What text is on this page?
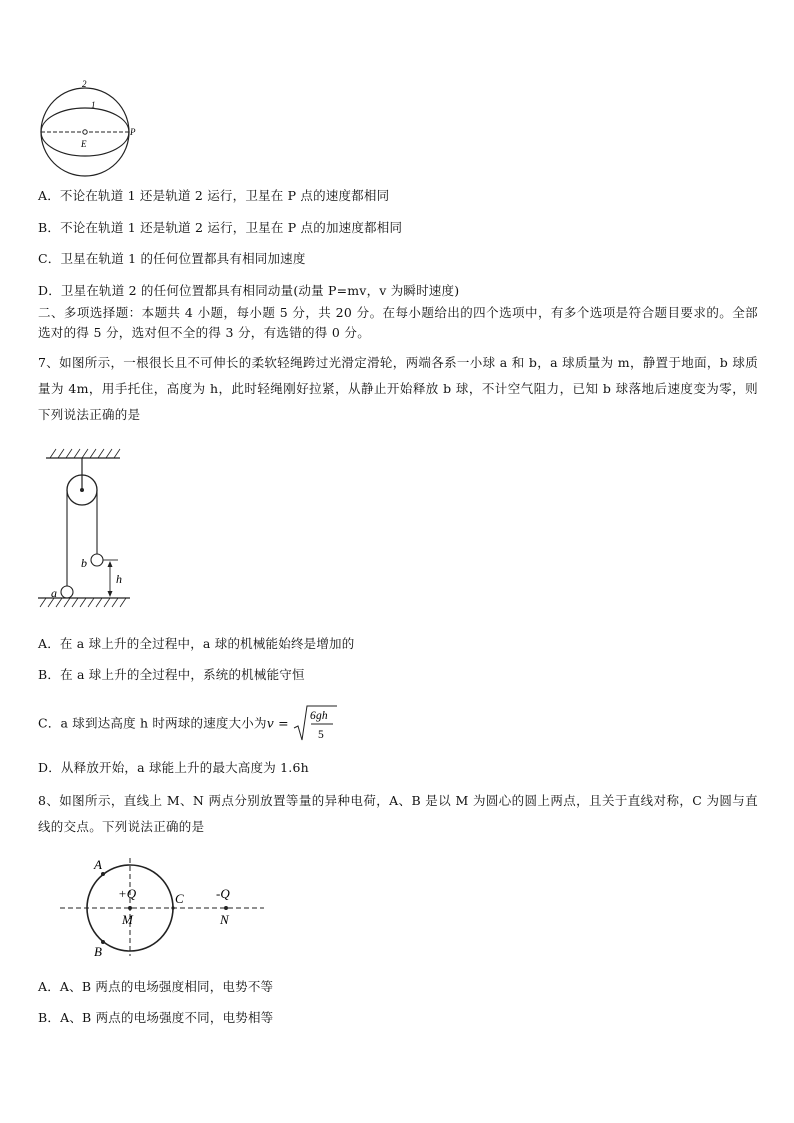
2
1
P
E
A．不论在轨道 1 还是轨道 2 运行，卫星在 P 点的速度都相同
B．不论在轨道 1 还是轨道 2 运行，卫星在 P 点的加速度都相同
C．卫星在轨道 1 的任何位置都具有相同加速度
D．卫星在轨道 2 的任何位置都具有相同动量(动量 P=mv，v 为瞬时速度)
二、多项选择题：本题共 4 小题，每小题 5 分，共 20 分。在每小题给出的四个选项中，有多个选项是符合题目要求的。全部选对的得 5 分，选对但不全的得 3 分，有选错的得 0 分。
7、如图所示，一根很长且不可伸长的柔软轻绳跨过光滑定滑轮，两端各系一小球 a 和 b，a 球质量为 m，静置于地面，b 球质量为 4m，用手托住，高度为 h，此时轻绳刚好拉紧，从静止开始释放 b 球，不计空气阻力，已知 b 球落地后速度变为零，则下列说法正确的是
b
a
h
A．在 a 球上升的全过程中，a 球的机械能始终是增加的
B．在 a 球上升的全过程中，系统的机械能守恒
C．a 球到达高度 h 时两球的速度大小为v = 6gh
5
D．从释放开始，a 球能上升的最大高度为 1.6h
8、如图所示，直线上 M、N 两点分别放置等量的异种电荷，A、B 是以 M 为圆心的圆上两点，且关于直线对称，C 为圆与直线的交点。下列说法正确的是
A
B
C
+Q
M
-Q
N
A．A、B 两点的电场强度相同，电势不等
B．A、B 两点的电场强度不同，电势相等
